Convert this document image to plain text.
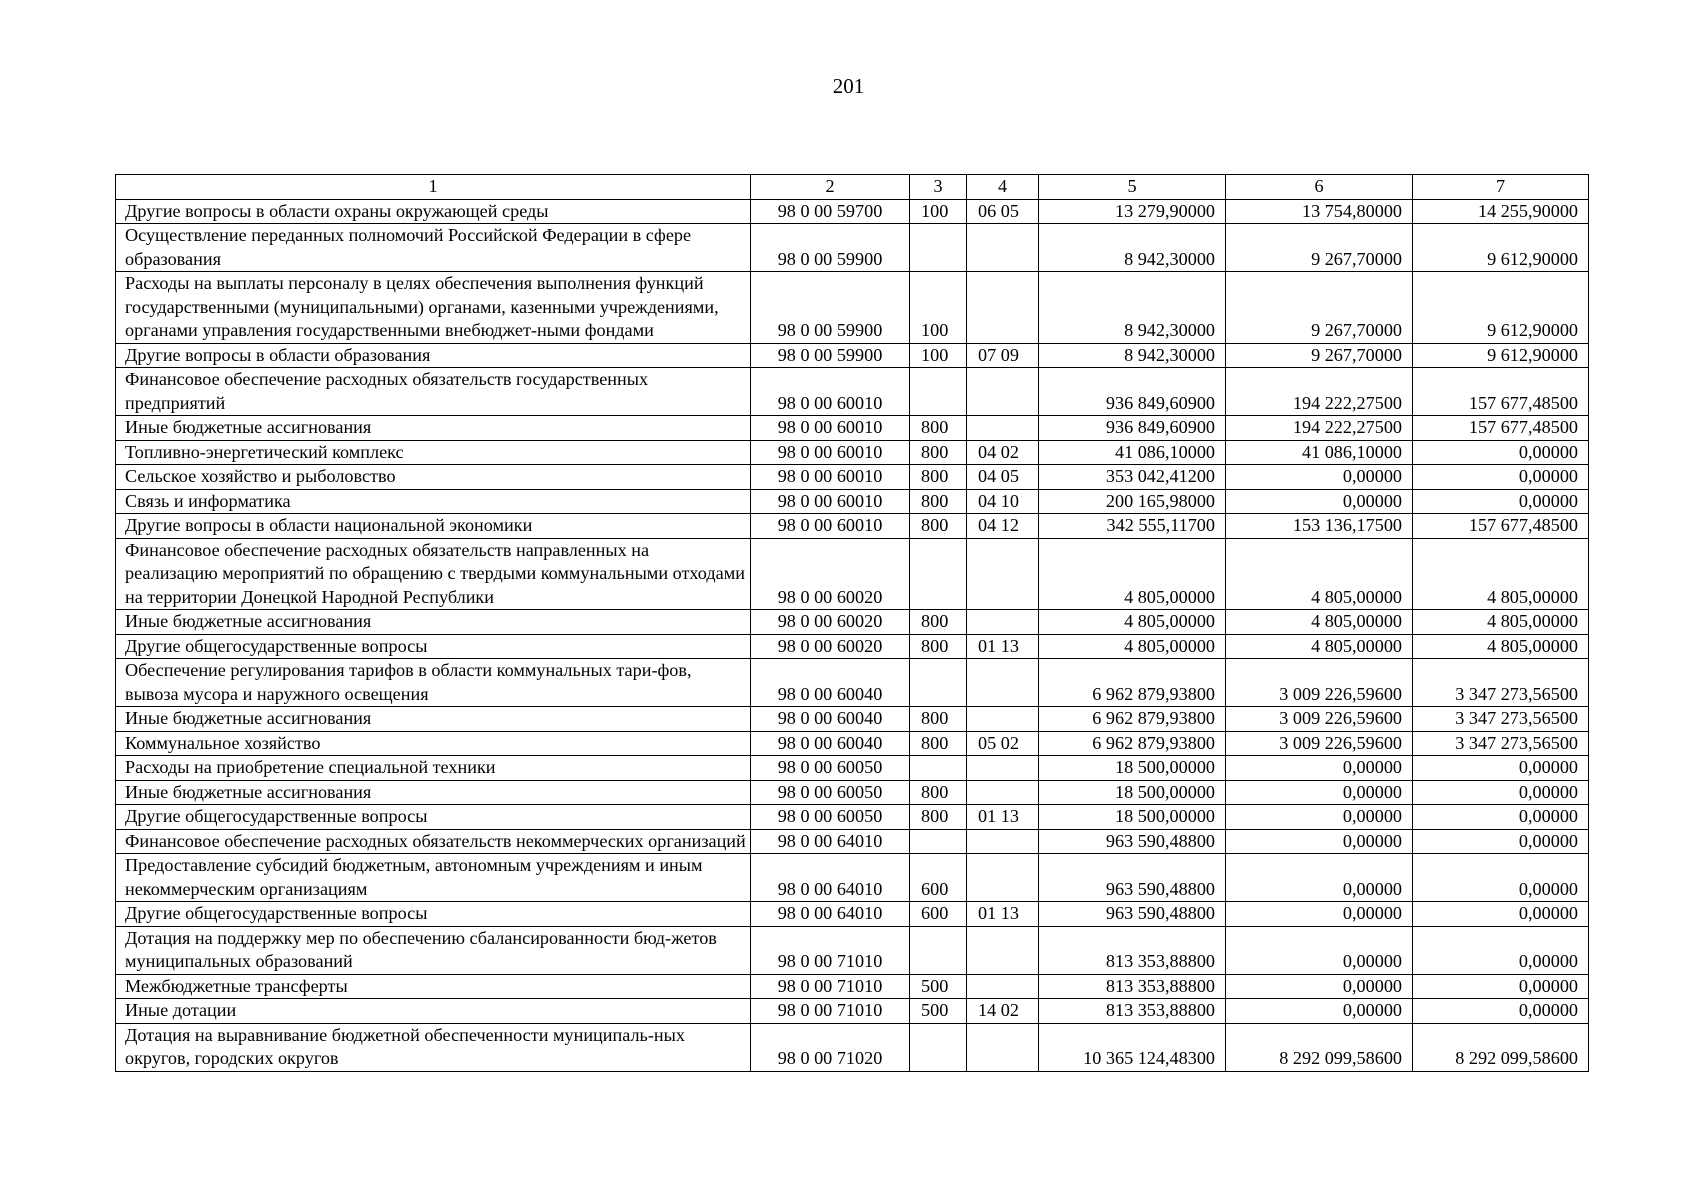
201
1	2	3	4	5	6	7
Другие вопросы в области охраны окружающей среды	98 0 00 59700	100	06 05	13 279,90000	13 754,80000	14 255,90000
Осуществление переданных полномочий Российской Федерации в сфере образования	98 0 00 59900			8 942,30000	9 267,70000	9 612,90000
Расходы на выплаты персоналу в целях обеспечения выполнения функций государственными (муниципальными) органами, казенными учреждениями, органами управления государственными внебюджет-ными фондами	98 0 00 59900	100		8 942,30000	9 267,70000	9 612,90000
Другие вопросы в области образования	98 0 00 59900	100	07 09	8 942,30000	9 267,70000	9 612,90000
Финансовое обеспечение расходных обязательств государственных предприятий	98 0 00 60010			936 849,60900	194 222,27500	157 677,48500
Иные бюджетные ассигнования	98 0 00 60010	800		936 849,60900	194 222,27500	157 677,48500
Топливно-энергетический комплекс	98 0 00 60010	800	04 02	41 086,10000	41 086,10000	0,00000
Сельское хозяйство и рыболовство	98 0 00 60010	800	04 05	353 042,41200	0,00000	0,00000
Связь и информатика	98 0 00 60010	800	04 10	200 165,98000	0,00000	0,00000
Другие вопросы в области национальной экономики	98 0 00 60010	800	04 12	342 555,11700	153 136,17500	157 677,48500
Финансовое обеспечение расходных обязательств направленных на реализацию мероприятий по обращению с твердыми коммунальными отходами на территории Донецкой Народной Республики	98 0 00 60020			4 805,00000	4 805,00000	4 805,00000
Иные бюджетные ассигнования	98 0 00 60020	800		4 805,00000	4 805,00000	4 805,00000
Другие общегосударственные вопросы	98 0 00 60020	800	01 13	4 805,00000	4 805,00000	4 805,00000
Обеспечение регулирования тарифов в области коммунальных тари-фов, вывоза мусора и наружного освещения	98 0 00 60040			6 962 879,93800	3 009 226,59600	3 347 273,56500
Иные бюджетные ассигнования	98 0 00 60040	800		6 962 879,93800	3 009 226,59600	3 347 273,56500
Коммунальное хозяйство	98 0 00 60040	800	05 02	6 962 879,93800	3 009 226,59600	3 347 273,56500
Расходы на приобретение специальной техники	98 0 00 60050			18 500,00000	0,00000	0,00000
Иные бюджетные ассигнования	98 0 00 60050	800		18 500,00000	0,00000	0,00000
Другие общегосударственные вопросы	98 0 00 60050	800	01 13	18 500,00000	0,00000	0,00000
Финансовое обеспечение расходных обязательств некоммерческих организаций	98 0 00 64010			963 590,48800	0,00000	0,00000
Предоставление субсидий бюджетным, автономным учреждениям и иным некоммерческим организациям	98 0 00 64010	600		963 590,48800	0,00000	0,00000
Другие общегосударственные вопросы	98 0 00 64010	600	01 13	963 590,48800	0,00000	0,00000
Дотация на поддержку мер по обеспечению сбалансированности бюд-жетов муниципальных образований	98 0 00 71010			813 353,88800	0,00000	0,00000
Межбюджетные трансферты	98 0 00 71010	500		813 353,88800	0,00000	0,00000
Иные дотации	98 0 00 71010	500	14 02	813 353,88800	0,00000	0,00000
Дотация на выравнивание бюджетной обеспеченности муниципаль-ных округов, городских округов	98 0 00 71020			10 365 124,48300	8 292 099,58600	8 292 099,58600
